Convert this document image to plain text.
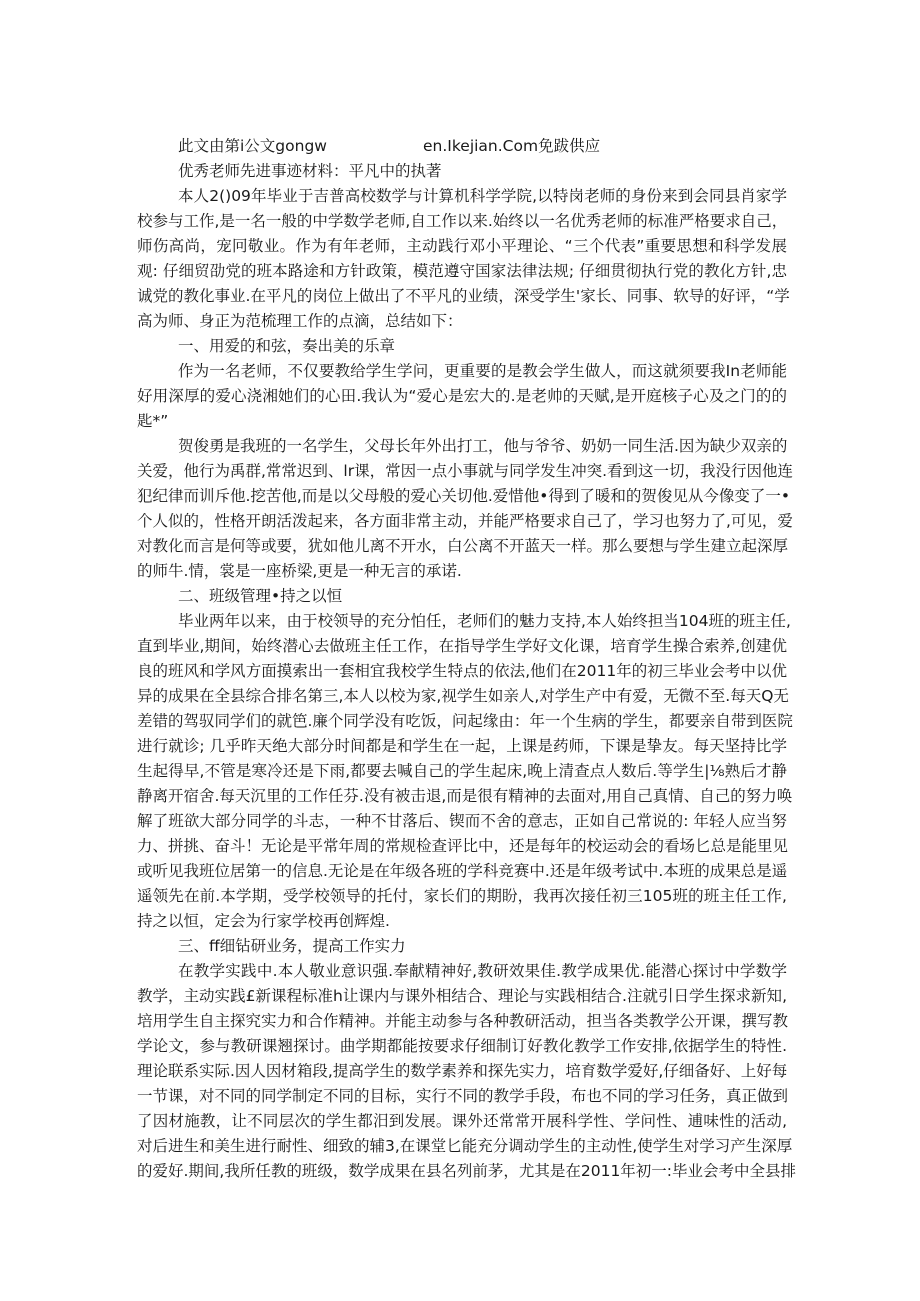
此文由第i公文gongw	en.Ikejian.Com免跋供应
优秀老师先进事迹材料：平凡中的执著
本人2()09年毕业于吉普高校数学与计算机科学学院,以特岗老师的身份来到会同县肖家学
校参与工作,是一名一般的中学数学老师,自工作以来.始终以一名优秀老师的标准严格要求自己，
师伤高尚，宠冋敬业。作为有年老师，主动践行邓小平理论、“三个代表”重要思想和科学发展
观: 仔细贸劭党的班本路途和方针政策，模范遵守国家法律法规; 仔细贯彻执行党的教化方针,忠
诚党的教化事业.在平凡的岗位上做出了不平凡的业绩，深受学生'家长、同事、软导的好评，“学
高为师、身正为范梳理工作的点滴，总结如下：
一、用爱的和弦，奏出美的乐章
作为一名老师，不仅要教给学生学问，更重要的是教会学生做人，而这就须要我In老师能
好用深厚的爱心浇湘她们的心田.我认为“爱心是宏大的.是老帅的天赋,是开庭核子心及之门的的
匙*”
贺俊勇是我班的一名学生，父母长年外出打工，他与爷爷、奶奶一同生活.因为缺少双亲的
关爱，他行为禹群,常常迟到、lr课，常因一点小事就与同学发生冲突.看到这一切，我没行因他连
犯纪律而训斥他.挖苦他,而是以父母般的爱心关切他.爱惜他•得到了暖和的贺俊见从今像变了一•
个人似的，性格开朗活泼起来，各方面非常主动，并能严格要求自己了，学习也努力了,可见，爱
对教化而言是何等或要，犹如他儿离不开水，白公离不开蓝天一样。那么要想与学生建立起深厚
的师牛.情，裳是一座桥梁,更是一种无言的承诺.
二、班级管理•持之以恒
毕业两年以来，由于校领导的充分怕任，老师们的魅力支持,本人始终担当104班的班主任,
直到毕业,期间，始终潜心去做班主任工作，在指导学生学好文化课，培育学生操合索养,创建优
良的班风和学风方面摸索出一套相宜我校学生特点的依法,他们在2011年的初三毕业会考中以优
异的成果在全县综合排名第三,本人以校为家,视学生如亲人,对学生产中有爱，无微不至.每天Q无
差错的驾驭同学们的就笆.廉个同学没有吃饭，问起缘由：年一个生病的学生，都要亲自带到医院
进行就诊; 几乎昨天绝大部分时间都是和学生在一起，上课是药师，下课是挚友。每天坚持比学
生起得早,不管是寒冷还是下雨,都要去喊自己的学生起床,晚上清查点人数后.等学生|⅛熟后才静
静离开宿舍.每天沉里的工作任芬.没有被击退,而是很有精神的去面对,用自己真情、自己的努力唤
解了班欲大部分同学的斗志，一种不甘落后、锲而不舍的意志，正如自己常说的: 年轻人应当努
力、拼挑、奋斗！无论是平常年周的常规检查评比中，还是每年的校运动会的看场匕总是能里见
或听见我班位居第一的信息.无论是在年级各班的学科竞赛中.还是年级考试中.本班的成果总是遥
遥领先在前.本学期，受学校领导的托付，家长们的期盼，我再次接任初三105班的班主任工作,
持之以恒，定会为行家学校再创辉煌.
三、ff细钻研业务，提高工作实力
在教学实践中.本人敬业意识强.奉献精神好,教研效果佳.教学成果优.能潜心探讨中学数学
教学，主动实践£新课程标准h让课内与课外相结合、理论与实践相结合.注就引日学生探求新知,
培用学生自主探究实力和合作精神。并能主动参与各种教研活动，担当各类教学公开课，撰写教
学论文，参与教研课翘探讨。曲学期都能按要求仔细制订好教化教学工作安排,依据学生的特性.
理论联系实际.因人因材箱段,提高学生的数学素养和探先实力，培育数学爱好,仔细备好、上好每
一节课，对不同的同学制定不同的目标，实行不同的教学手段，布也不同的学习任务，真正做到
了因材施教，让不同层次的学生都汨到发展。课外还常常开展科学性、学问性、逋味性的活动,
对后进生和美生进行耐性、细致的辅3,在课堂匕能充分调动学生的主动性,使学生对学习产生深厚
的爱好.期间,我所任教的班级，数学成果在县名列前茅，尤其是在2011年初一:毕业会考中全县排
